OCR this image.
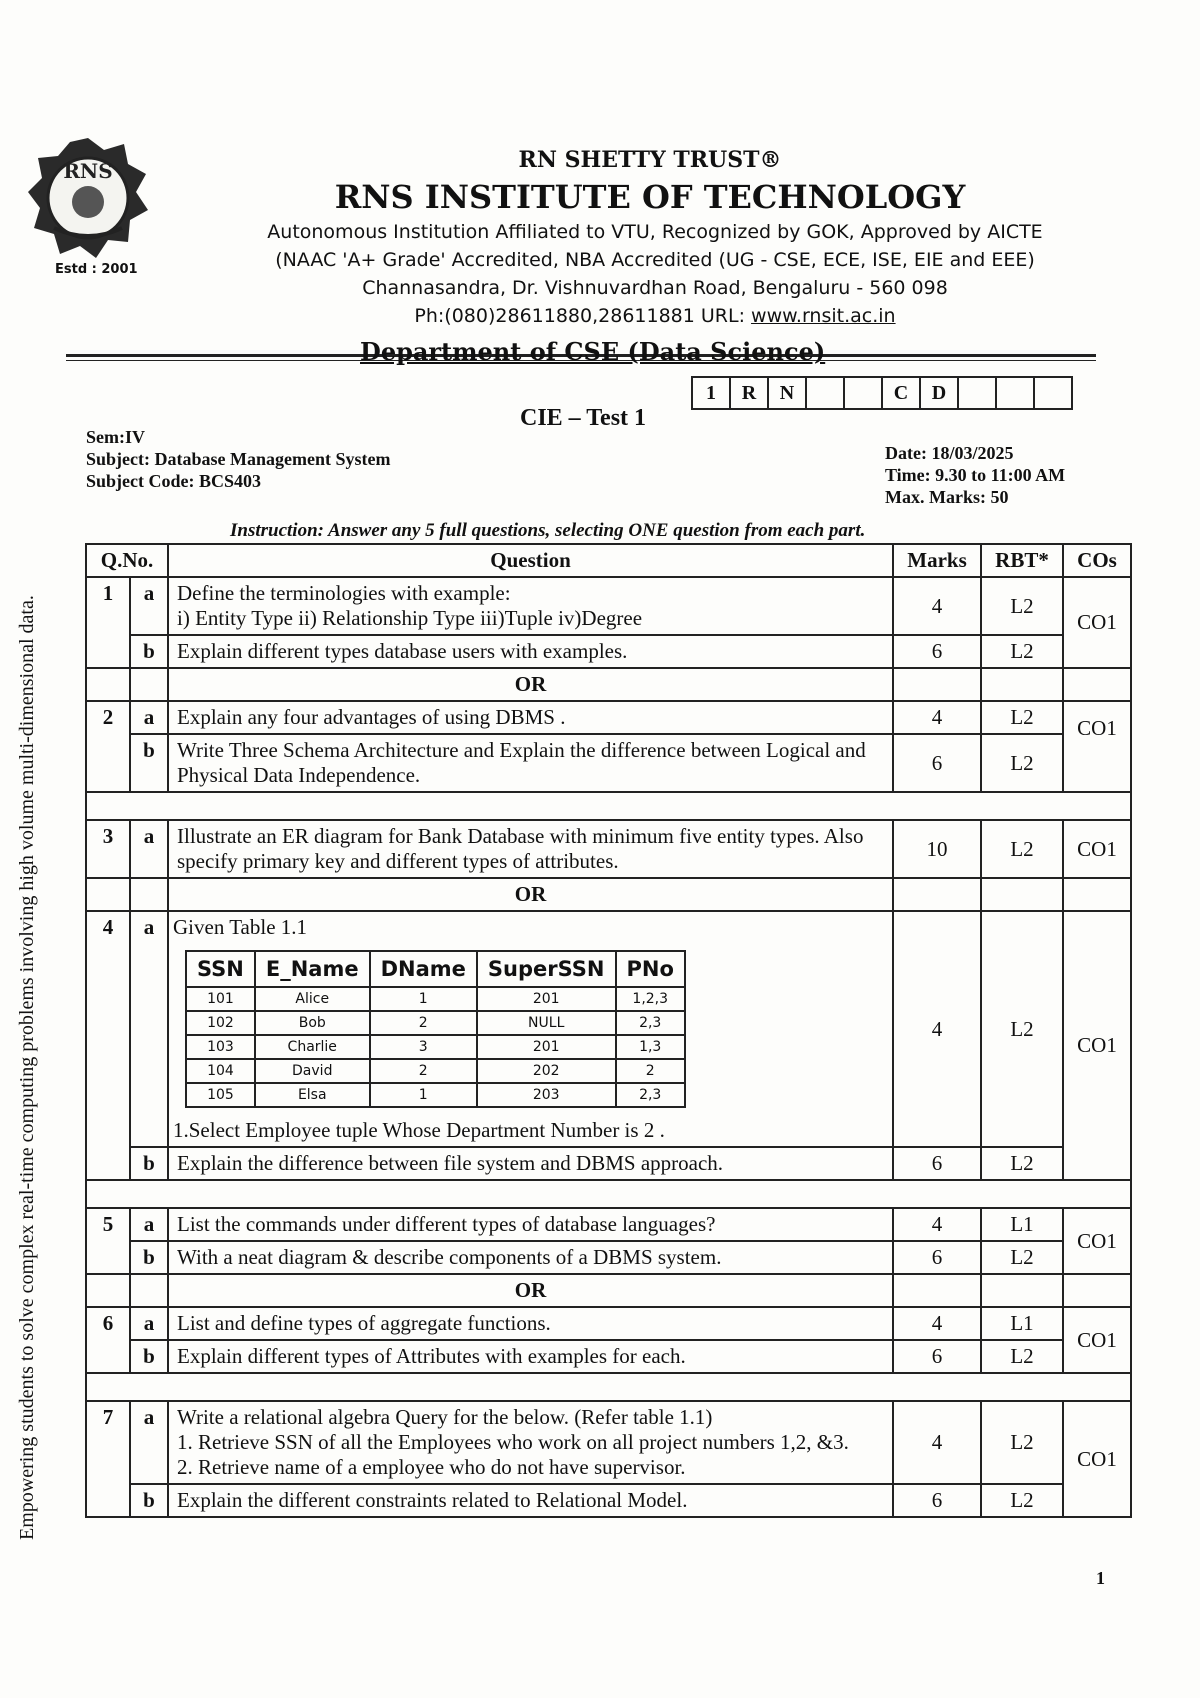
Empowering students to solve complex real-time computing problems involving high volume multi-dimensional data.
RNS
Estd : 2001
RN SHETTY TRUST®
RNS INSTITUTE OF TECHNOLOGY
Autonomous Institution Affiliated to VTU, Recognized by GOK, Approved by AICTE
(NAAC 'A+ Grade' Accredited, NBA Accredited (UG - CSE, ECE, ISE, EIE and EEE)
Channasandra, Dr. Vishnuvardhan Road, Bengaluru - 560 098
Ph:(080)28611880,28611881 URL: www.rnsit.ac.in
Department of CSE (Data Science)
1	R	N			C	D			
CIE – Test 1
Sem:IV
Subject: Database Management System
Subject Code: BCS403
Date: 18/03/2025
Time: 9.30 to 11:00 AM
Max. Marks: 50
Instruction: Answer any 5 full questions, selecting ONE question from each part.
Q.No.	Question	Marks	RBT*	COs
1	a	Define the terminologies with example:
i) Entity Type ii) Relationship Type iii)Tuple iv)Degree
	4	L2	CO1
b	Explain different types database users with examples.	6	L2
		OR			
2	a	Explain any four advantages of using DBMS .	4	L2	CO1
b	Write Three Schema Architecture and Explain the difference between Logical and Physical Data Independence.	6	L2

3	a	Illustrate an ER diagram for Bank Database with minimum five entity types. Also specify primary key and different types of attributes.	10	L2	CO1
		OR			
4	a	Given Table 1.1
SSN	E_Name	DName	SuperSSN	PNo
101	Alice	1	201	1,2,3
102	Bob	2	NULL	2,3
103	Charlie	3	201	1,3
104	David	2	202	2
105	Elsa	1	203	2,3
1.Select Employee tuple Whose Department Number is 2 .
	4	L2	CO1
b	Explain the difference between file system and DBMS approach.	6	L2

5	a	List the commands under different types of database languages?	4	L1	CO1
b	With a neat diagram & describe components of a DBMS system.	6	L2
		OR			
6	a	List and define types of aggregate functions.	4	L1	CO1
b	Explain different types of Attributes with examples for each.	6	L2

7	a	Write a relational algebra Query for the below. (Refer table 1.1)
1. Retrieve SSN of all the Employees who work on all project numbers 1,2, &3.
2. Retrieve name of a employee who do not have supervisor.
	4	L2	CO1
b	Explain the different constraints related to Relational Model.	6	L2
1
